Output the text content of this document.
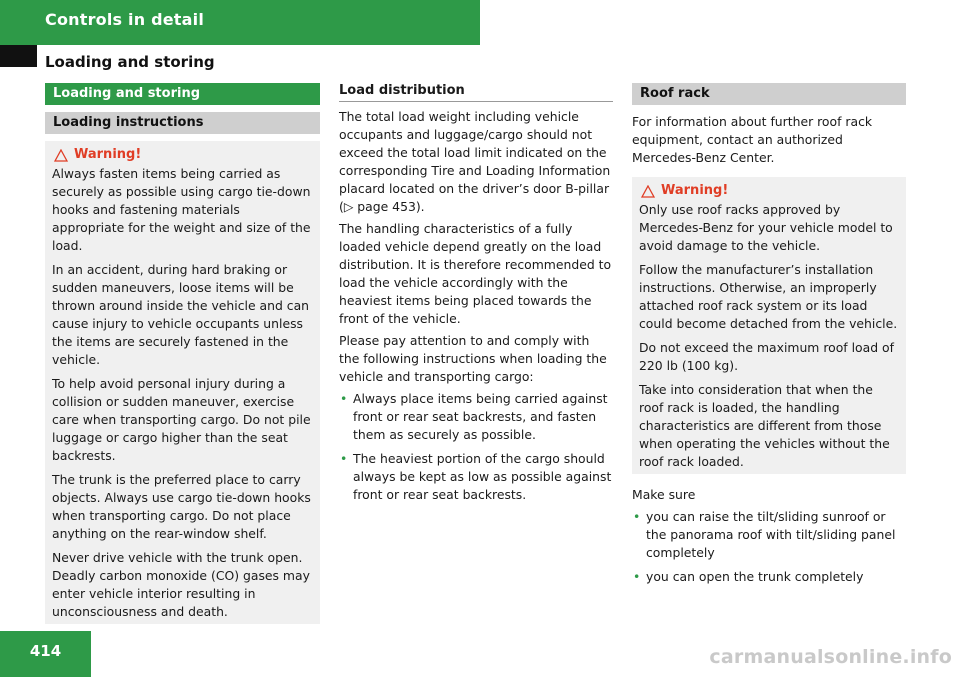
Controls in detail
Loading and storing
Loading and storing
Loading instructions
Warning!

Always fasten items being carried as securely as possible using cargo tie-down hooks and fastening materials appropriate for the weight and size of the load.

In an accident, during hard braking or sudden maneuvers, loose items will be thrown around inside the vehicle and can cause injury to vehicle occupants unless the items are securely fastened in the vehicle.

To help avoid personal injury during a collision or sudden maneuver, exercise care when transporting cargo. Do not pile luggage or cargo higher than the seat backrests.

The trunk is the preferred place to carry objects. Always use cargo tie-down hooks when transporting cargo. Do not place anything on the rear-window shelf.

Never drive vehicle with the trunk open. Deadly carbon monoxide (CO) gases may enter vehicle interior resulting in unconsciousness and death.

Load distribution

The total load weight including vehicle occupants and luggage/cargo should not exceed the total load limit indicated on the corresponding Tire and Loading Information placard located on the driver’s door B-pillar (▷ page 453).

The handling characteristics of a fully loaded vehicle depend greatly on the load distribution. It is therefore recommended to load the vehicle accordingly with the heaviest items being placed towards the front of the vehicle.

Please pay attention to and comply with the following instructions when loading the vehicle and transporting cargo:

• Always place items being carried against front or rear seat backrests, and fasten them as securely as possible.
• The heaviest portion of the cargo should always be kept as low as possible against front or rear seat backrests.
Roof rack

For information about further roof rack equipment, contact an authorized Mercedes-Benz Center.

Warning!

Only use roof racks approved by Mercedes-Benz for your vehicle model to avoid damage to the vehicle.

Follow the manufacturer’s installation instructions. Otherwise, an improperly attached roof rack system or its load could become detached from the vehicle.

Do not exceed the maximum roof load of 220 lb (100 kg).

Take into consideration that when the roof rack is loaded, the handling characteristics are different from those when operating the vehicles without the roof rack loaded.

Make sure

• you can raise the tilt/sliding sunroof or the panorama roof with tilt/sliding panel completely
• you can open the trunk completely
414	carmanualsonline.info
